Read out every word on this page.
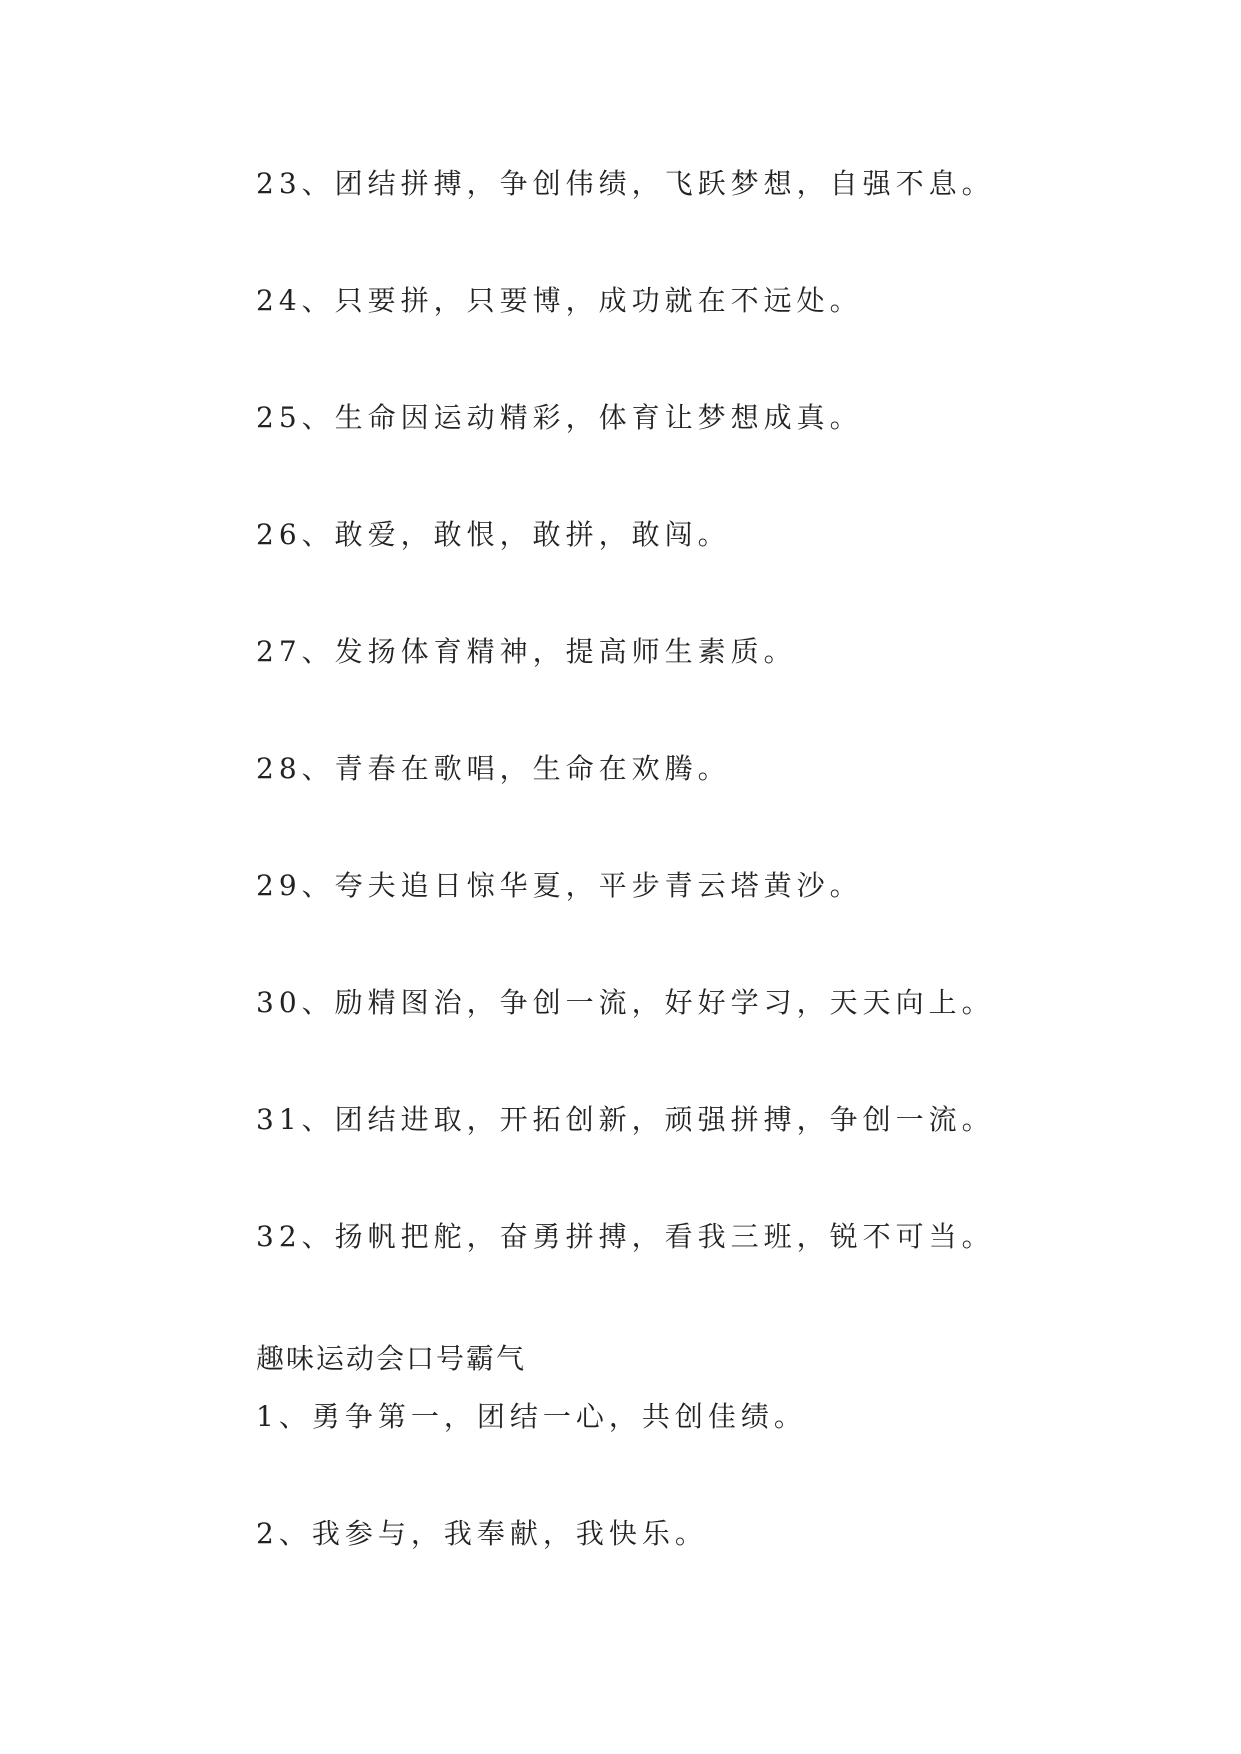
23、团结拼搏，争创伟绩，飞跃梦想，自强不息。
24、只要拼，只要博，成功就在不远处。
25、生命因运动精彩，体育让梦想成真。
26、敢爱，敢恨，敢拼，敢闯。
27、发扬体育精神，提高师生素质。
28、青春在歌唱，生命在欢腾。
29、夸夫追日惊华夏，平步青云塔黄沙。
30、励精图治，争创一流，好好学习，天天向上。
31、团结进取，开拓创新，顽强拼搏，争创一流。
32、扬帆把舵，奋勇拼搏，看我三班，锐不可当。
趣味运动会口号霸气
1、勇争第一，团结一心，共创佳绩。
2、我参与，我奉献，我快乐。
